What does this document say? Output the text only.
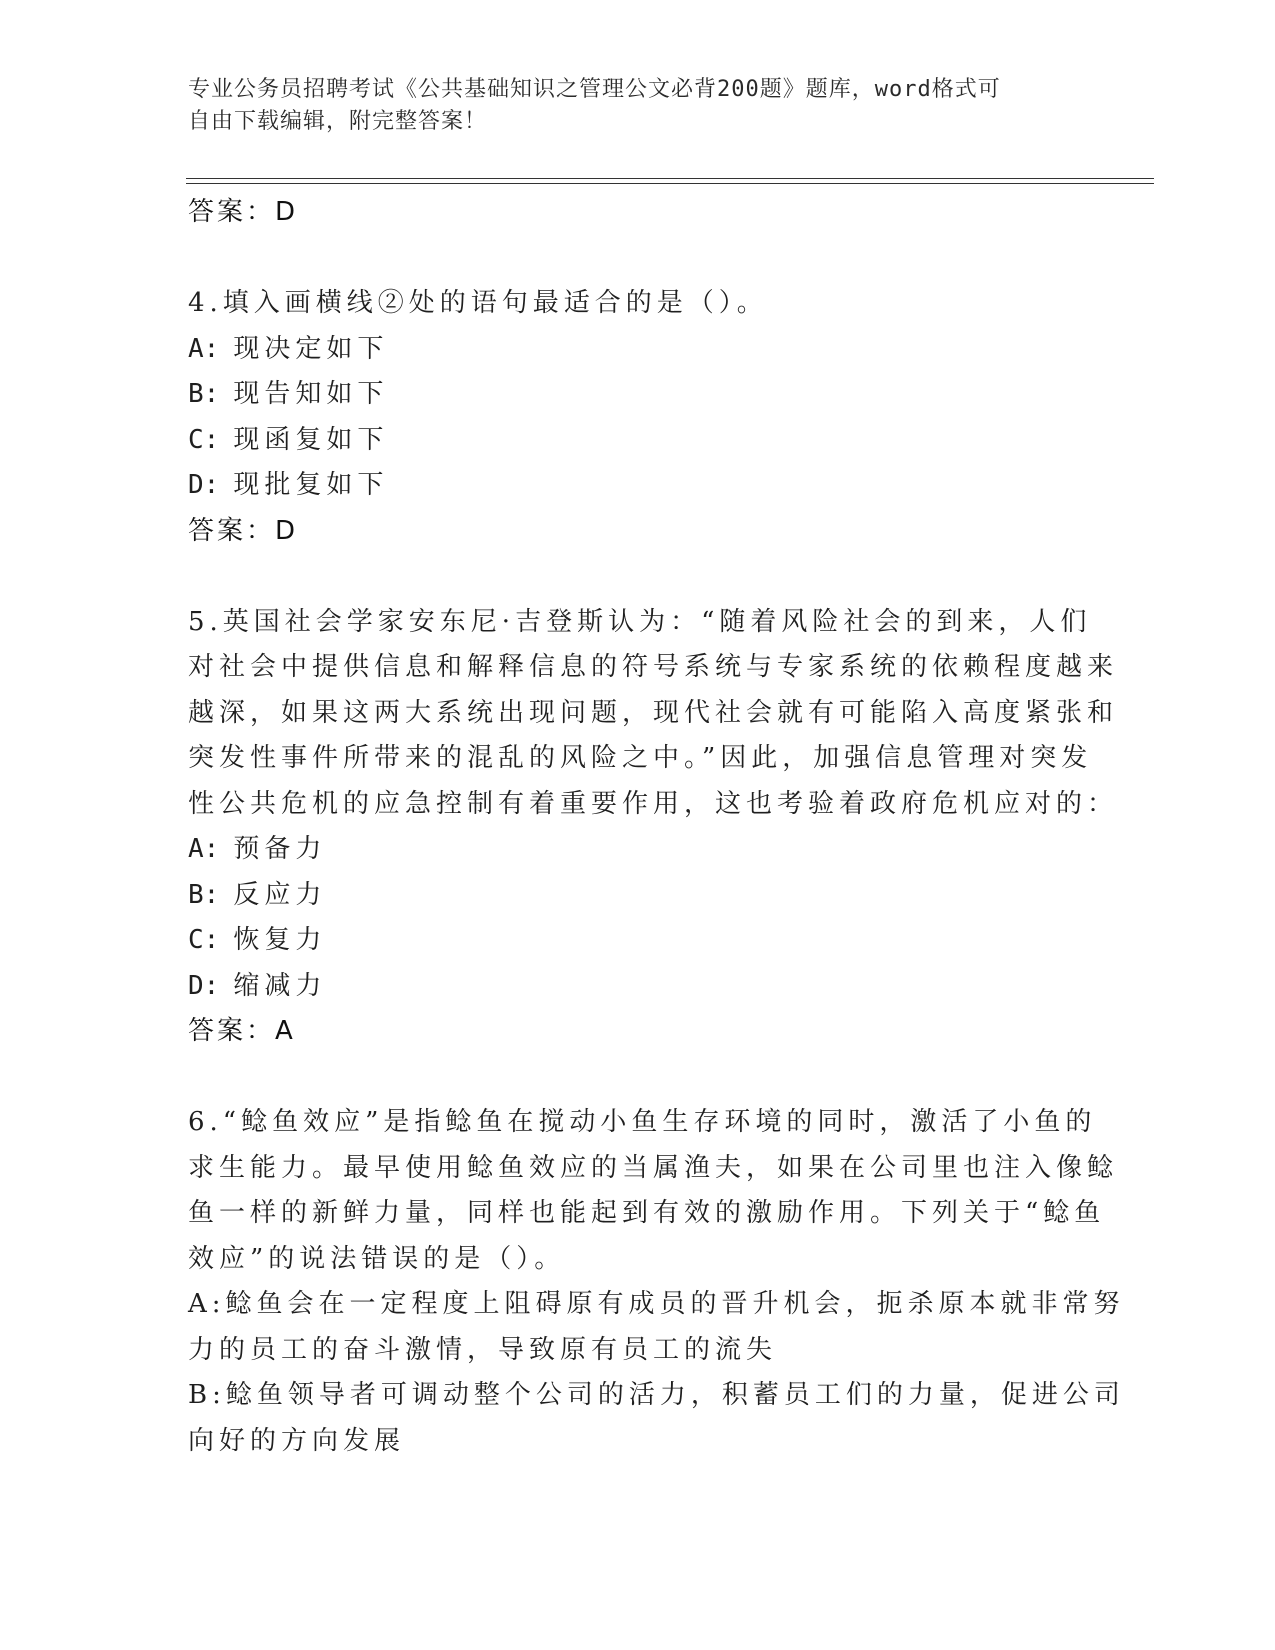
专业公务员招聘考试《公共基础知识之管理公文必背200题》题库，word格式可
自由下载编辑，附完整答案！
答案：D
4.填入画横线②处的语句最适合的是（）。
A: 现决定如下
B: 现告知如下
C: 现函复如下
D: 现批复如下
答案：D
5.英国社会学家安东尼·吉登斯认为：“随着风险社会的到来，人们
对社会中提供信息和解释信息的符号系统与专家系统的依赖程度越来
越深，如果这两大系统出现问题，现代社会就有可能陷入高度紧张和
突发性事件所带来的混乱的风险之中。”因此，加强信息管理对突发
性公共危机的应急控制有着重要作用，这也考验着政府危机应对的：
A: 预备力
B: 反应力
C: 恢复力
D: 缩减力
答案：A
6.“鲶鱼效应”是指鲶鱼在搅动小鱼生存环境的同时，激活了小鱼的
求生能力。最早使用鲶鱼效应的当属渔夫，如果在公司里也注入像鲶
鱼一样的新鲜力量，同样也能起到有效的激励作用。下列关于“鲶鱼
效应”的说法错误的是（）。
A:鲶鱼会在一定程度上阻碍原有成员的晋升机会，扼杀原本就非常努
力的员工的奋斗激情，导致原有员工的流失
B:鲶鱼领导者可调动整个公司的活力，积蓄员工们的力量，促进公司
向好的方向发展
